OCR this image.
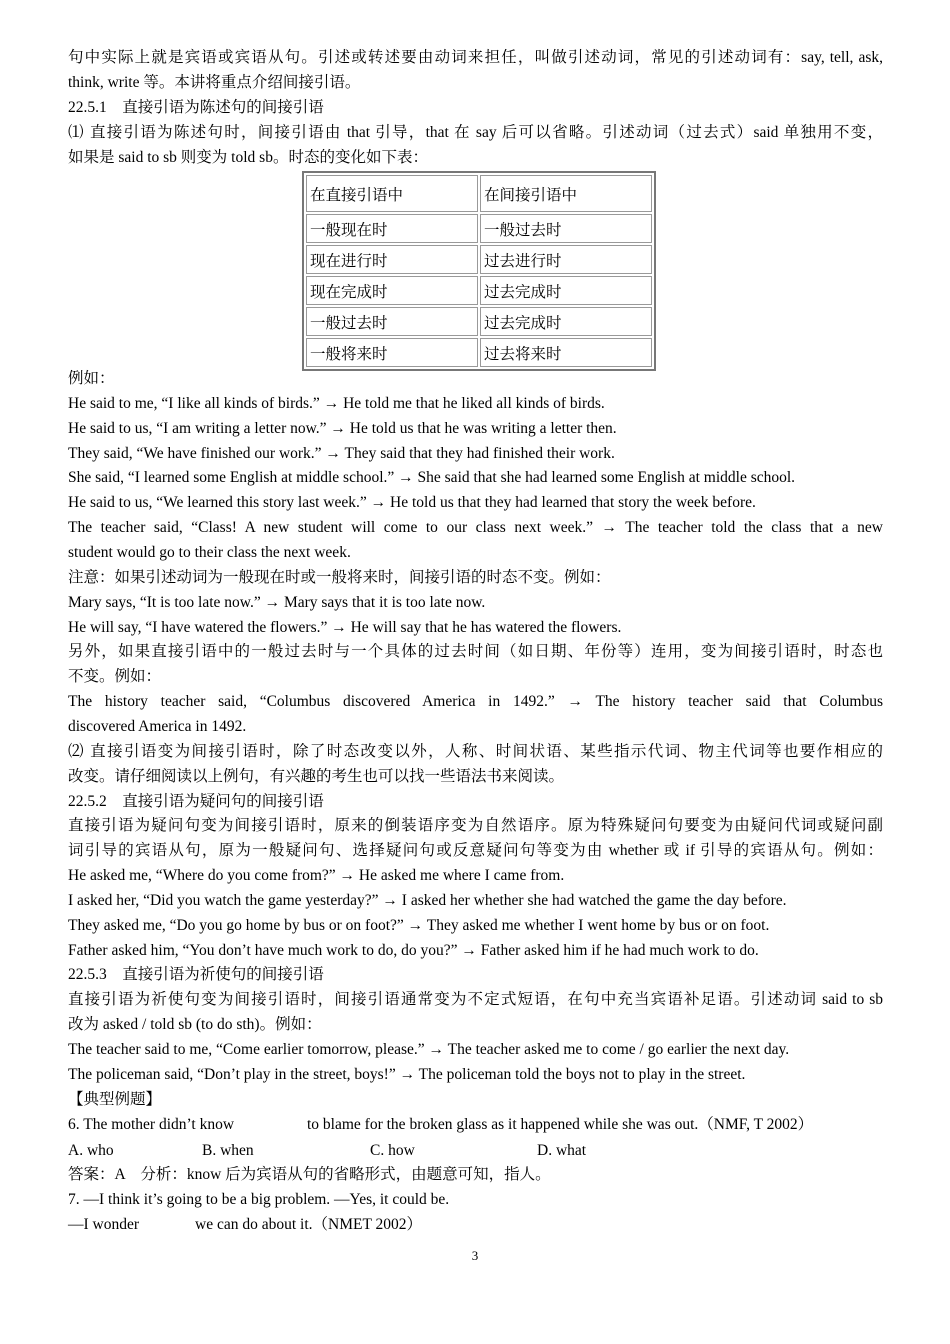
句中实际上就是宾语或宾语从句。引述或转述要由动词来担任，叫做引述动词，常见的引述动词有：say, tell, ask,
think, write 等。本讲将重点介绍间接引语。
22.5.1　直接引语为陈述句的间接引语
⑴ 直接引语为陈述句时，间接引语由 that 引导，that 在 say 后可以省略。引述动词（过去式）said 单独用不变，
如果是 said to sb 则变为 told sb。时态的变化如下表：
在直接引语中	在间接引语中
一般现在时	一般过去时
现在进行时	过去进行时
现在完成时	过去完成时
一般过去时	过去完成时
一般将来时	过去将来时
例如：
He said to me, “I like all kinds of birds.” → He told me that he liked all kinds of birds.
He said to us, “I am writing a letter now.” → He told us that he was writing a letter then.
They said, “We have finished our work.” → They said that they had finished their work.
She said, “I learned some English at middle school.” → She said that she had learned some English at middle school.
He said to us, “We learned this story last week.” → He told us that they had learned that story the week before.
The teacher said, “Class! A new student will come to our class next week.” → The teacher told the class that a new
student would go to their class the next week.
注意：如果引述动词为一般现在时或一般将来时，间接引语的时态不变。例如：
Mary says, “It is too late now.” → Mary says that it is too late now.
He will say, “I have watered the flowers.” → He will say that he has watered the flowers.
另外，如果直接引语中的一般过去时与一个具体的过去时间（如日期、年份等）连用，变为间接引语时，时态也
不变。例如：
The history teacher said, “Columbus discovered America in 1492.” → The history teacher said that Columbus
discovered America in 1492.
⑵ 直接引语变为间接引语时，除了时态改变以外，人称、时间状语、某些指示代词、物主代词等也要作相应的
改变。请仔细阅读以上例句，有兴趣的考生也可以找一些语法书来阅读。
22.5.2　直接引语为疑问句的间接引语
直接引语为疑问句变为间接引语时，原来的倒装语序变为自然语序。原为特殊疑问句要变为由疑问代词或疑问副
词引导的宾语从句，原为一般疑问句、选择疑问句或反意疑问句等变为由 whether 或 if 引导的宾语从句。例如：
He asked me, “Where do you come from?” → He asked me where I came from.
I asked her, “Did you watch the game yesterday?” → I asked her whether she had watched the game the day before.
They asked me, “Do you go home by bus or on foot?” → They asked me whether I went home by bus or on foot.
Father asked him, “You don’t have much work to do, do you?” → Father asked him if he had much work to do.
22.5.3　直接引语为祈使句的间接引语
直接引语为祈使句变为间接引语时，间接引语通常变为不定式短语，在句中充当宾语补足语。引述动词 said to sb
改为 asked / told sb (to do sth)。例如：
The teacher said to me, “Come earlier tomorrow, please.” → The teacher asked me to come / go earlier the next day.
The policeman said, “Don’t play in the street, boys!” → The policeman told the boys not to play in the street.
【典型例题】
6. The mother didn’t know	to blame for the broken glass as it happened while she was out.（NMF, T 2002）
A. who	B. when	C. how	D. what
答案：A　分析：know 后为宾语从句的省略形式，由题意可知，指人。
7. —I think it’s going to be a big problem. —Yes, it could be.
—I wonder	we can do about it.（NMET 2002）
3
